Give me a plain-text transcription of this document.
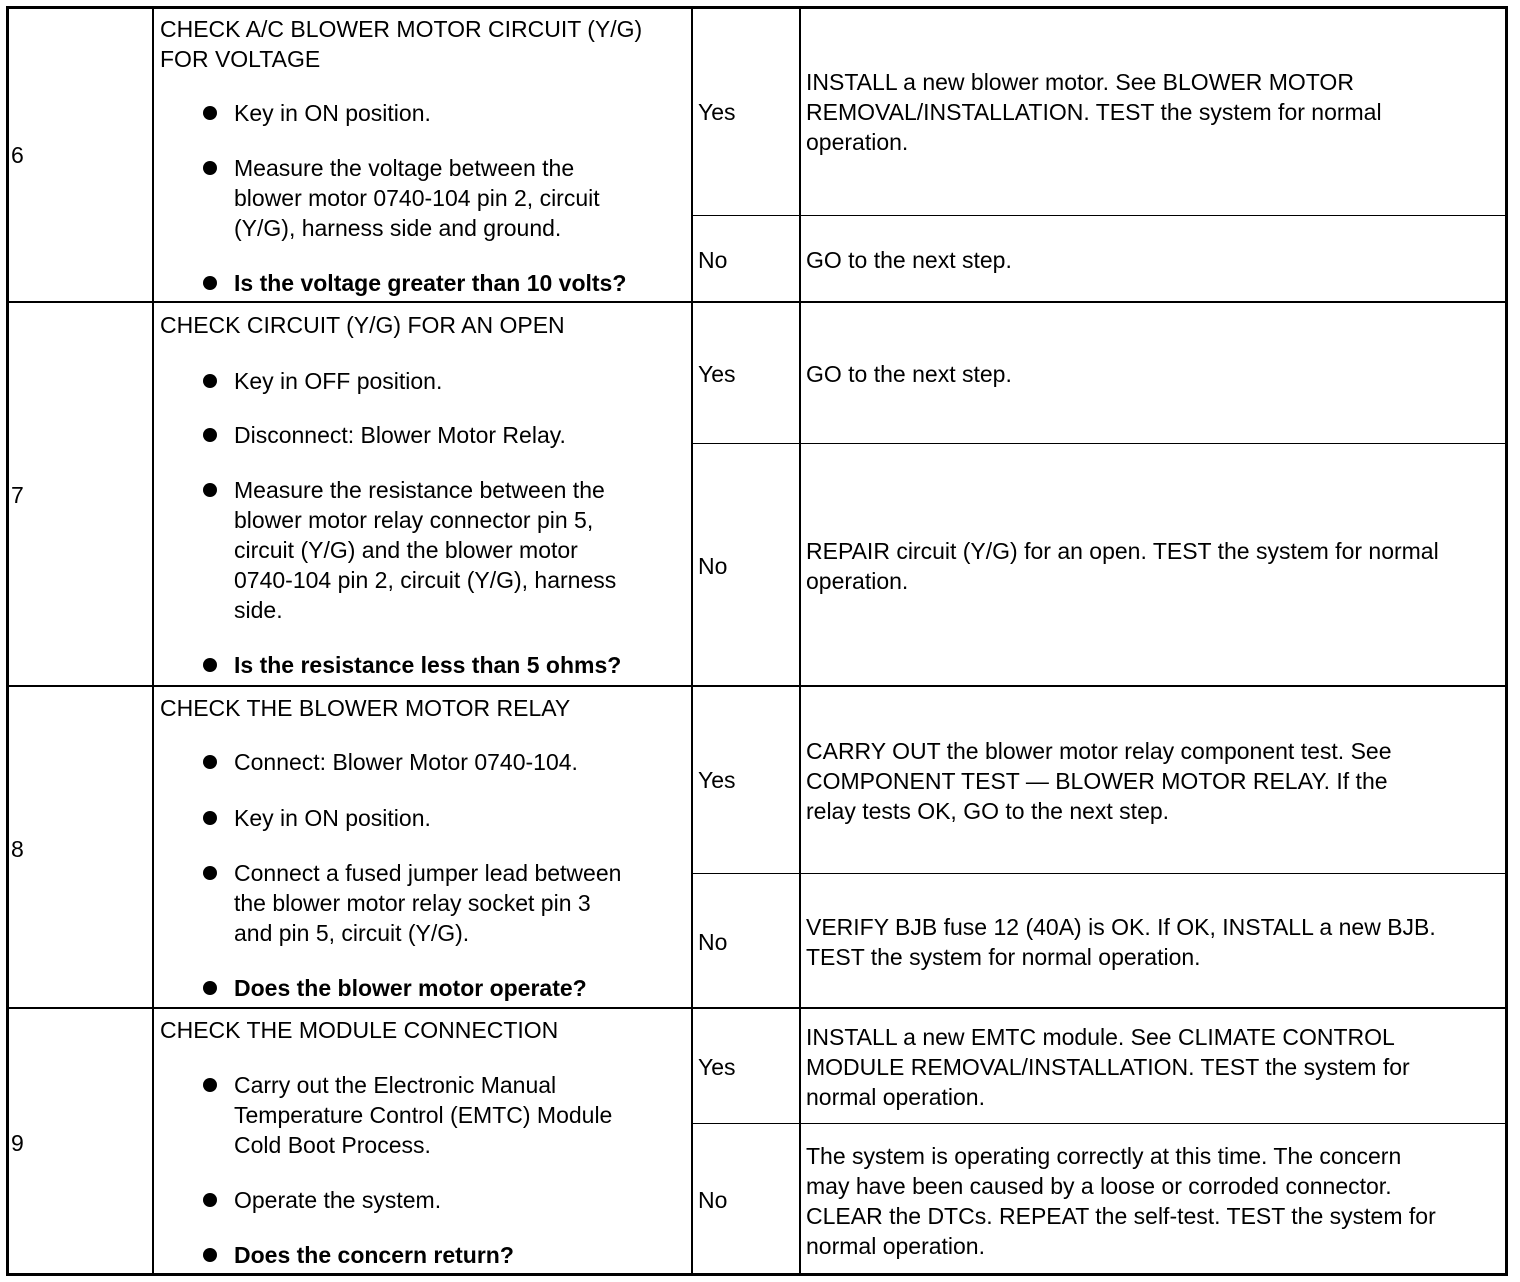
6
CHECK A/C BLOWER MOTOR CIRCUIT (Y/G)
FOR VOLTAGE
Key in ON position.
Measure the voltage between the
blower motor 0740-104 pin 2, circuit
(Y/G), harness side and ground.
Is the voltage greater than 10 volts?
Yes
INSTALL a new blower motor. See BLOWER MOTOR
REMOVAL/INSTALLATION. TEST the system for normal
operation.
No	GO to the next step.
7
CHECK CIRCUIT (Y/G) FOR AN OPEN
Key in OFF position.
Disconnect: Blower Motor Relay.
Measure the resistance between the
blower motor relay connector pin 5,
circuit (Y/G) and the blower motor
0740-104 pin 2, circuit (Y/G), harness
side.
Is the resistance less than 5 ohms?
Yes	GO to the next step.
No
REPAIR circuit (Y/G) for an open. TEST the system for normal
operation.
8
CHECK THE BLOWER MOTOR RELAY
Connect: Blower Motor 0740-104.
Key in ON position.
Connect a fused jumper lead between
the blower motor relay socket pin 3
and pin 5, circuit (Y/G).
Does the blower motor operate?
Yes
CARRY OUT the blower motor relay component test. See
COMPONENT TEST — BLOWER MOTOR RELAY. If the
relay tests OK, GO to the next step.
No
VERIFY BJB fuse 12 (40A) is OK. If OK, INSTALL a new BJB.
TEST the system for normal operation.
9
CHECK THE MODULE CONNECTION
Carry out the Electronic Manual
Temperature Control (EMTC) Module
Cold Boot Process.
Operate the system.
Does the concern return?
Yes
INSTALL a new EMTC module. See CLIMATE CONTROL
MODULE REMOVAL/INSTALLATION. TEST the system for
normal operation.
No
The system is operating correctly at this time. The concern
may have been caused by a loose or corroded connector.
CLEAR the DTCs. REPEAT the self-test. TEST the system for
normal operation.
